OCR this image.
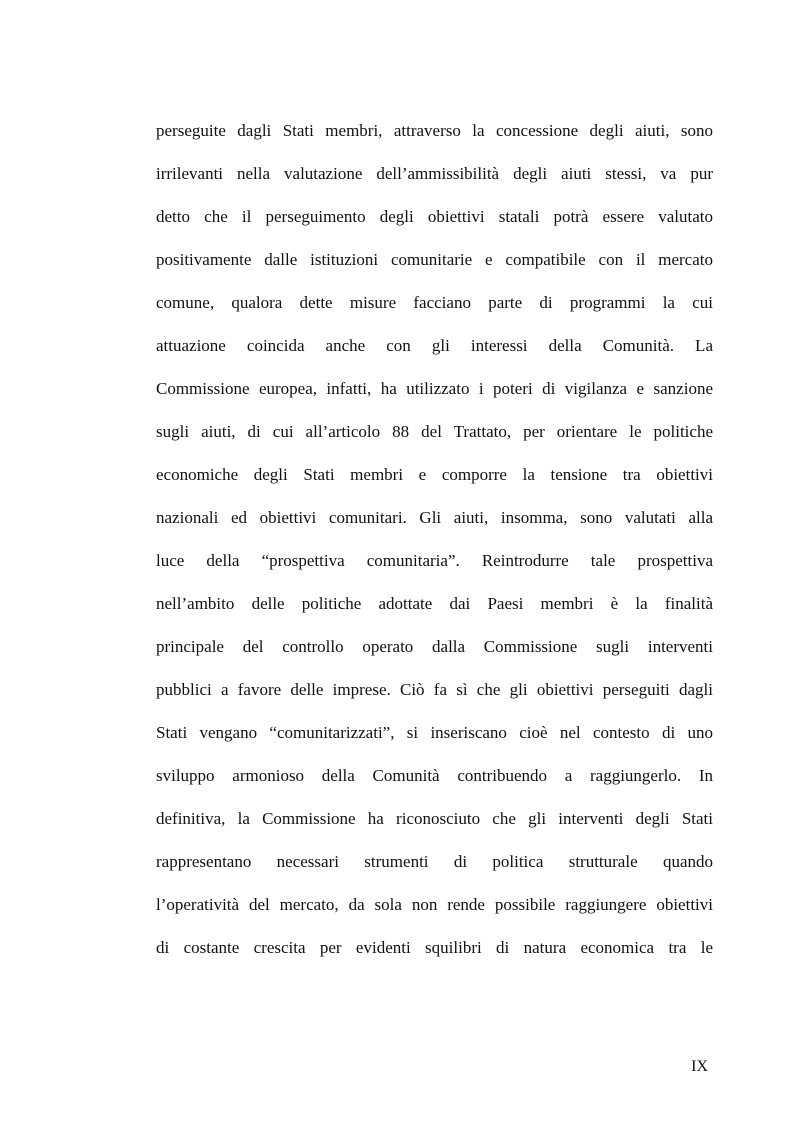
perseguite dagli Stati membri, attraverso la concessione degli aiuti, sono
irrilevanti nella valutazione dell’ammissibilità degli aiuti stessi, va pur
detto che il perseguimento degli obiettivi statali potrà essere valutato
positivamente dalle istituzioni comunitarie e compatibile con il mercato
comune, qualora dette misure facciano parte di programmi la cui
attuazione coincida anche con gli interessi della Comunità. La
Commissione europea, infatti, ha utilizzato i poteri di vigilanza e sanzione
sugli aiuti, di cui all’articolo 88 del Trattato, per orientare le politiche
economiche degli Stati membri e comporre la tensione tra obiettivi
nazionali ed obiettivi comunitari. Gli aiuti, insomma, sono valutati alla
luce della “prospettiva comunitaria”. Reintrodurre tale prospettiva
nell’ambito delle politiche adottate dai Paesi membri è la finalità
principale del controllo operato dalla Commissione sugli interventi
pubblici a favore delle imprese. Ciò fa sì che gli obiettivi perseguiti dagli
Stati vengano “comunitarizzati”, si inseriscano cioè nel contesto di uno
sviluppo armonioso della Comunità contribuendo a raggiungerlo. In
definitiva, la Commissione ha riconosciuto che gli interventi degli Stati
rappresentano necessari strumenti di politica strutturale quando
l’operatività del mercato, da sola non rende possibile raggiungere obiettivi
di costante crescita per evidenti squilibri di natura economica tra le
IX
